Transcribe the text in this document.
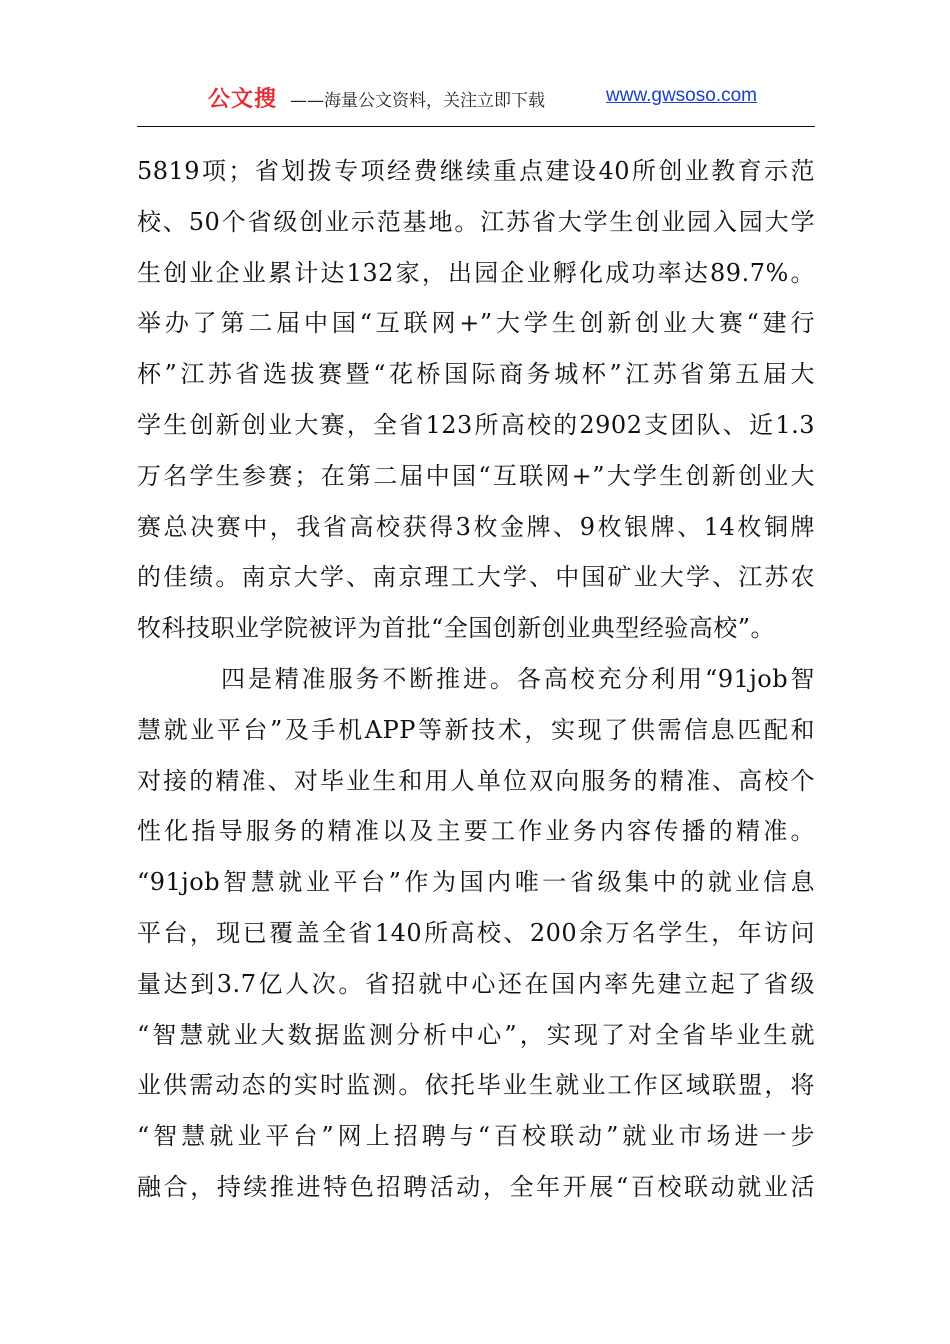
公文搜 ——海量公文资料，关注立即下载	www.gwsoso.com
5819项；省划拨专项经费继续重点建设40所创业教育示范
校、50个省级创业示范基地。江苏省大学生创业园入园大学
生创业企业累计达132家，出园企业孵化成功率达89.7%。
举办了第二届中国“互联网+”大学生创新创业大赛“建行
杯”江苏省选拔赛暨“花桥国际商务城杯”江苏省第五届大
学生创新创业大赛，全省123所高校的2902支团队、近1.3
万名学生参赛；在第二届中国“互联网+”大学生创新创业大
赛总决赛中，我省高校获得3枚金牌、9枚银牌、14枚铜牌
的佳绩。南京大学、南京理工大学、中国矿业大学、江苏农
牧科技职业学院被评为首批“全国创新创业典型经验高校”。
四是精准服务不断推进。各高校充分利用“91job智
慧就业平台”及手机APP等新技术，实现了供需信息匹配和
对接的精准、对毕业生和用人单位双向服务的精准、高校个
性化指导服务的精准以及主要工作业务内容传播的精准。
“91job智慧就业平台”作为国内唯一省级集中的就业信息
平台，现已覆盖全省140所高校、200余万名学生，年访问
量达到3.7亿人次。省招就中心还在国内率先建立起了省级
“智慧就业大数据监测分析中心”，实现了对全省毕业生就
业供需动态的实时监测。依托毕业生就业工作区域联盟，将
“智慧就业平台”网上招聘与“百校联动”就业市场进一步
融合，持续推进特色招聘活动，全年开展“百校联动就业活
